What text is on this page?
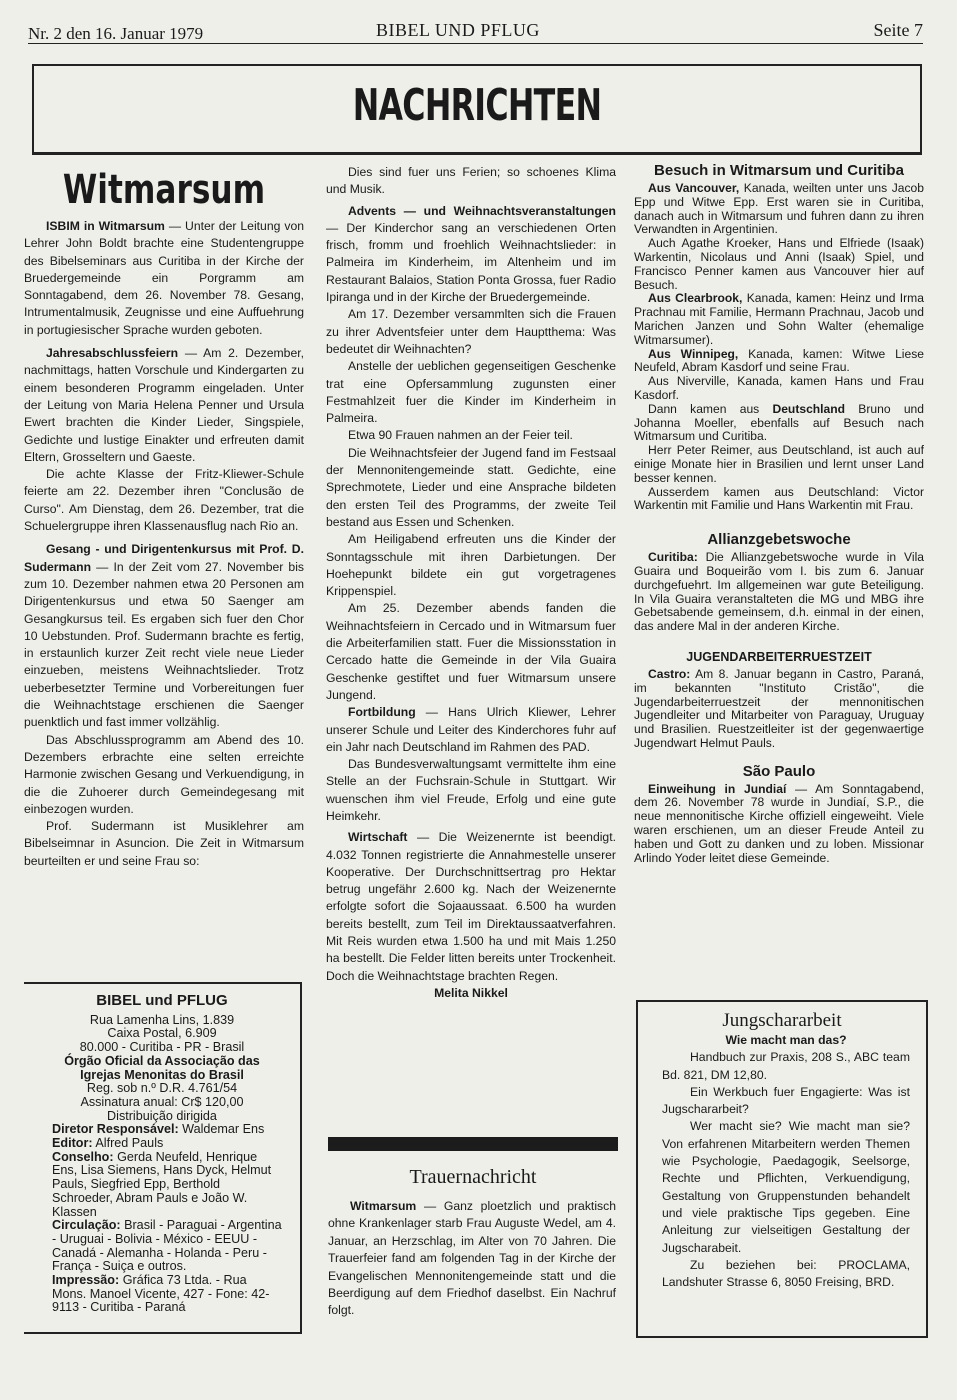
Nr. 2 den 16. Januar 1979	BIBEL UND PFLUG	Seite 7
NACHRICHTEN
Witmarsum

ISBIM in Witmarsum — Unter der Leitung von Lehrer John Boldt brachte eine Studentengruppe des Bibelseminars aus Curitiba in der Kirche der Bruedergemeinde ein Porgramm am Sonntagabend, dem 26. November 78. Gesang, Intrumentalmusik, Zeugnisse und eine Auffuehrung in portugiesischer Sprache wurden geboten.

Jahresabschlussfeiern — Am 2. Dezember, nachmittags, hatten Vorschule und Kindergarten zu einem besonderen Programm eingeladen. Unter der Leitung von Maria Helena Penner und Ursula Ewert brachten die Kinder Lieder, Singspiele, Gedichte und lustige Einakter und erfreuten damit Eltern, Grosseltern und Gaeste.

Die achte Klasse der Fritz-Kliewer-Schule feierte am 22. Dezember ihren "Conclusão de Curso". Am Dienstag, dem 26. Dezember, trat die Schuelergruppe ihren Klassenausflug nach Rio an.

Gesang - und Dirigentenkursus mit Prof. D. Sudermann — In der Zeit vom 27. November bis zum 10. Dezember nahmen etwa 20 Personen am Dirigentenkursus und etwa 50 Saenger am Gesangkursus teil. Es ergaben sich fuer den Chor 10 Uebstunden. Prof. Sudermann brachte es fertig, in erstaunlich kurzer Zeit recht viele neue Lieder einzueben, meistens Weihnachtslieder. Trotz ueberbesetzter Termine und Vorbereitungen fuer die Weihnachtstage erschienen die Saenger puenktlich und fast immer vollzählig.

Das Abschlussprogramm am Abend des 10. Dezembers erbrachte eine selten erreichte Harmonie zwischen Gesang und Verkuendigung, in die die Zuhoerer durch Gemeindegesang mit einbezogen wurden.

Prof. Sudermann ist Musiklehrer am Bibelseimnar in Asuncion. Die Zeit in Witmarsum beurteilten er und seine Frau so:

BIBEL und PFLUG
Rua Lamenha Lins, 1.839
Caixa Postal, 6.909
80.000 - Curitiba - PR - Brasil
Órgão Oficial da Associação das
Igrejas Menonitas do Brasil
Reg. sob n.º D.R. 4.761/54
Assinatura anual: Cr$ 120,00
Distribuição dirigida
Diretor Responsável: Waldemar Ens
Editor: Alfred Pauls
Conselho: Gerda Neufeld, Henrique Ens, Lisa Siemens, Hans Dyck, Helmut Pauls, Siegfried Epp, Berthold Schroeder, Abram Pauls e João W. Klassen
Circulação: Brasil - Paraguai - Argentina - Uruguai - Bolivia - México - EEUU - Canadá - Alemanha - Holanda - Peru - França - Suiça e outros.
Impressão: Gráfica 73 Ltda. - Rua Mons. Manoel Vicente, 427 - Fone: 42-9113 - Curitiba - Paraná

Dies sind fuer uns Ferien; so schoenes Klima und Musik.

Advents — und Weihnachtsveranstaltungen — Der Kinderchor sang an verschiedenen Orten frisch, fromm und froehlich Weihnachtslieder: in Palmeira im Kinderheim, im Altenheim und im Restaurant Balaios, Station Ponta Grossa, fuer Radio Ipiranga und in der Kirche der Bruedergemeinde.

Am 17. Dezember versammlten sich die Frauen zu ihrer Adventsfeier unter dem Hauptthema: Was bedeutet dir Weihnachten?

Anstelle der ueblichen gegenseitigen Geschenke trat eine Opfersammlung zugunsten einer Festmahlzeit fuer die Kinder im Kinderheim in Palmeira.

Etwa 90 Frauen nahmen an der Feier teil.

Die Weihnachtsfeier der Jugend fand im Festsaal der Mennonitengemeinde statt. Gedichte, eine Sprechmotete, Lieder und eine Ansprache bildeten den ersten Teil des Programms, der zweite Teil bestand aus Essen und Schenken.

Am Heiligabend erfreuten uns die Kinder der Sonntagsschule mit ihren Darbietungen. Der Hoehepunkt bildete ein gut vorgetragenes Krippenspiel.

Am 25. Dezember abends fanden die Weihnachtsfeiern in Cercado und in Witmarsum fuer die Arbeiterfamilien statt. Fuer die Missionsstation in Cercado hatte die Gemeinde in der Vila Guaira Geschenke gestiftet und fuer Witmarsum unsere Jungend.

Fortbildung — Hans Ulrich Kliewer, Lehrer unserer Schule und Leiter des Kinderchores fuhr auf ein Jahr nach Deutschland im Rahmen des PAD.

Das Bundesverwaltungsamt vermittelte ihm eine Stelle an der Fuchsrain-Schule in Stuttgart. Wir wuenschen ihm viel Freude, Erfolg und eine gute Heimkehr.

Wirtschaft — Die Weizenernte ist beendigt. 4.032 Tonnen registrierte die Annahmestelle unserer Kooperative. Der Durchschnittsertrag pro Hektar betrug ungefähr 2.600 kg. Nach der Weizenernte erfolgte sofort die Sojaaussaat. 6.500 ha wurden bereits bestellt, zum Teil im Direktaussaatverfahren. Mit Reis wurden etwa 1.500 ha und mit Mais 1.250 ha bestellt. Die Felder litten bereits unter Trockenheit. Doch die Weihnachtstage brachten Regen.

Melita Nikkel

Trauernachricht

Witmarsum — Ganz ploetzlich und praktisch ohne Krankenlager starb Frau Auguste Wedel, am 4. Januar, an Herzschlag, im Alter von 70 Jahren. Die Trauerfeier fand am folgenden Tag in der Kirche der Evangelischen Mennonitengemeinde statt und die Beerdigung auf dem Friedhof daselbst. Ein Nachruf folgt.

Besuch in Witmarsum und Curitiba

Aus Vancouver, Kanada, weilten unter uns Jacob Epp und Witwe Epp. Erst waren sie in Curitiba, danach auch in Witmarsum und fuhren dann zu ihren Verwandten in Argentinien.

Auch Agathe Kroeker, Hans und Elfriede (Isaak) Warkentin, Nicolaus und Anni (Isaak) Spiel, und Francisco Penner kamen aus Vancouver hier auf Besuch.

Aus Clearbrook, Kanada, kamen: Heinz und Irma Prachnau mit Familie, Hermann Prachnau, Jacob und Marichen Janzen und Sohn Walter (ehemalige Witmarsumer).

Aus Winnipeg, Kanada, kamen: Witwe Liese Neufeld, Abram Kasdorf und seine Frau.

Aus Niverville, Kanada, kamen Hans und Frau Kasdorf.

Dann kamen aus Deutschland Bruno und Johanna Moeller, ebenfalls auf Besuch nach Witmarsum und Curitiba.

Herr Peter Reimer, aus Deutschland, ist auch auf einige Monate hier in Brasilien und lernt unser Land besser kennen.

Ausserdem kamen aus Deutschland: Victor Warkentin mit Familie und Hans Warkentin mit Frau.

Allianzgebetswoche

Curitiba: Die Allianzgebetswoche wurde in Vila Guaira und Boqueirão vom I. bis zum 6. Januar durchgefuehrt. Im allgemeinen war gute Beteiligung. In Vila Guaira veranstalteten die MG und MBG ihre Gebetsabende gemeinsem, d.h. einmal in der einen, das andere Mal in der anderen Kirche.

JUGENDARBEITERRUESTZEIT

Castro: Am 8. Januar begann in Castro, Paraná, im bekannten "Instituto Cristão", die Jugendarbeiterruestzeit der mennonitischen Jugendleiter und Mitarbeiter von Paraguay, Uruguay und Brasilien. Ruestzeitleiter ist der gegenwaertige Jugendwart Helmut Pauls.

São Paulo

Einweihung in Jundiaí — Am Sonntagabend, dem 26. November 78 wurde in Jundiaí, S.P., die neue mennonitische Kirche offiziell eingeweiht. Viele waren erschienen, um an dieser Freude Anteil zu haben und Gott zu danken und zu loben. Missionar Arlindo Yoder leitet diese Gemeinde.

Jungschararbeit

Wie macht man das?

Handbuch zur Praxis, 208 S., ABC team Bd. 821, DM 12,80.

Ein Werkbuch fuer Engagierte: Was ist Jugschararbeit?

Wer macht sie? Wie macht man sie? Von erfahrenen Mitarbeitern werden Themen wie Psychologie, Paedagogik, Seelsorge, Rechte und Pflichten, Verkuendigung, Gestaltung von Gruppenstunden behandelt und viele praktische Tips gegeben. Eine Anleitung zur vielseitigen Gestaltung der Jugscharabeit.

Zu beziehen bei: PROCLAMA, Landshuter Strasse 6, 8050 Freising, BRD.
